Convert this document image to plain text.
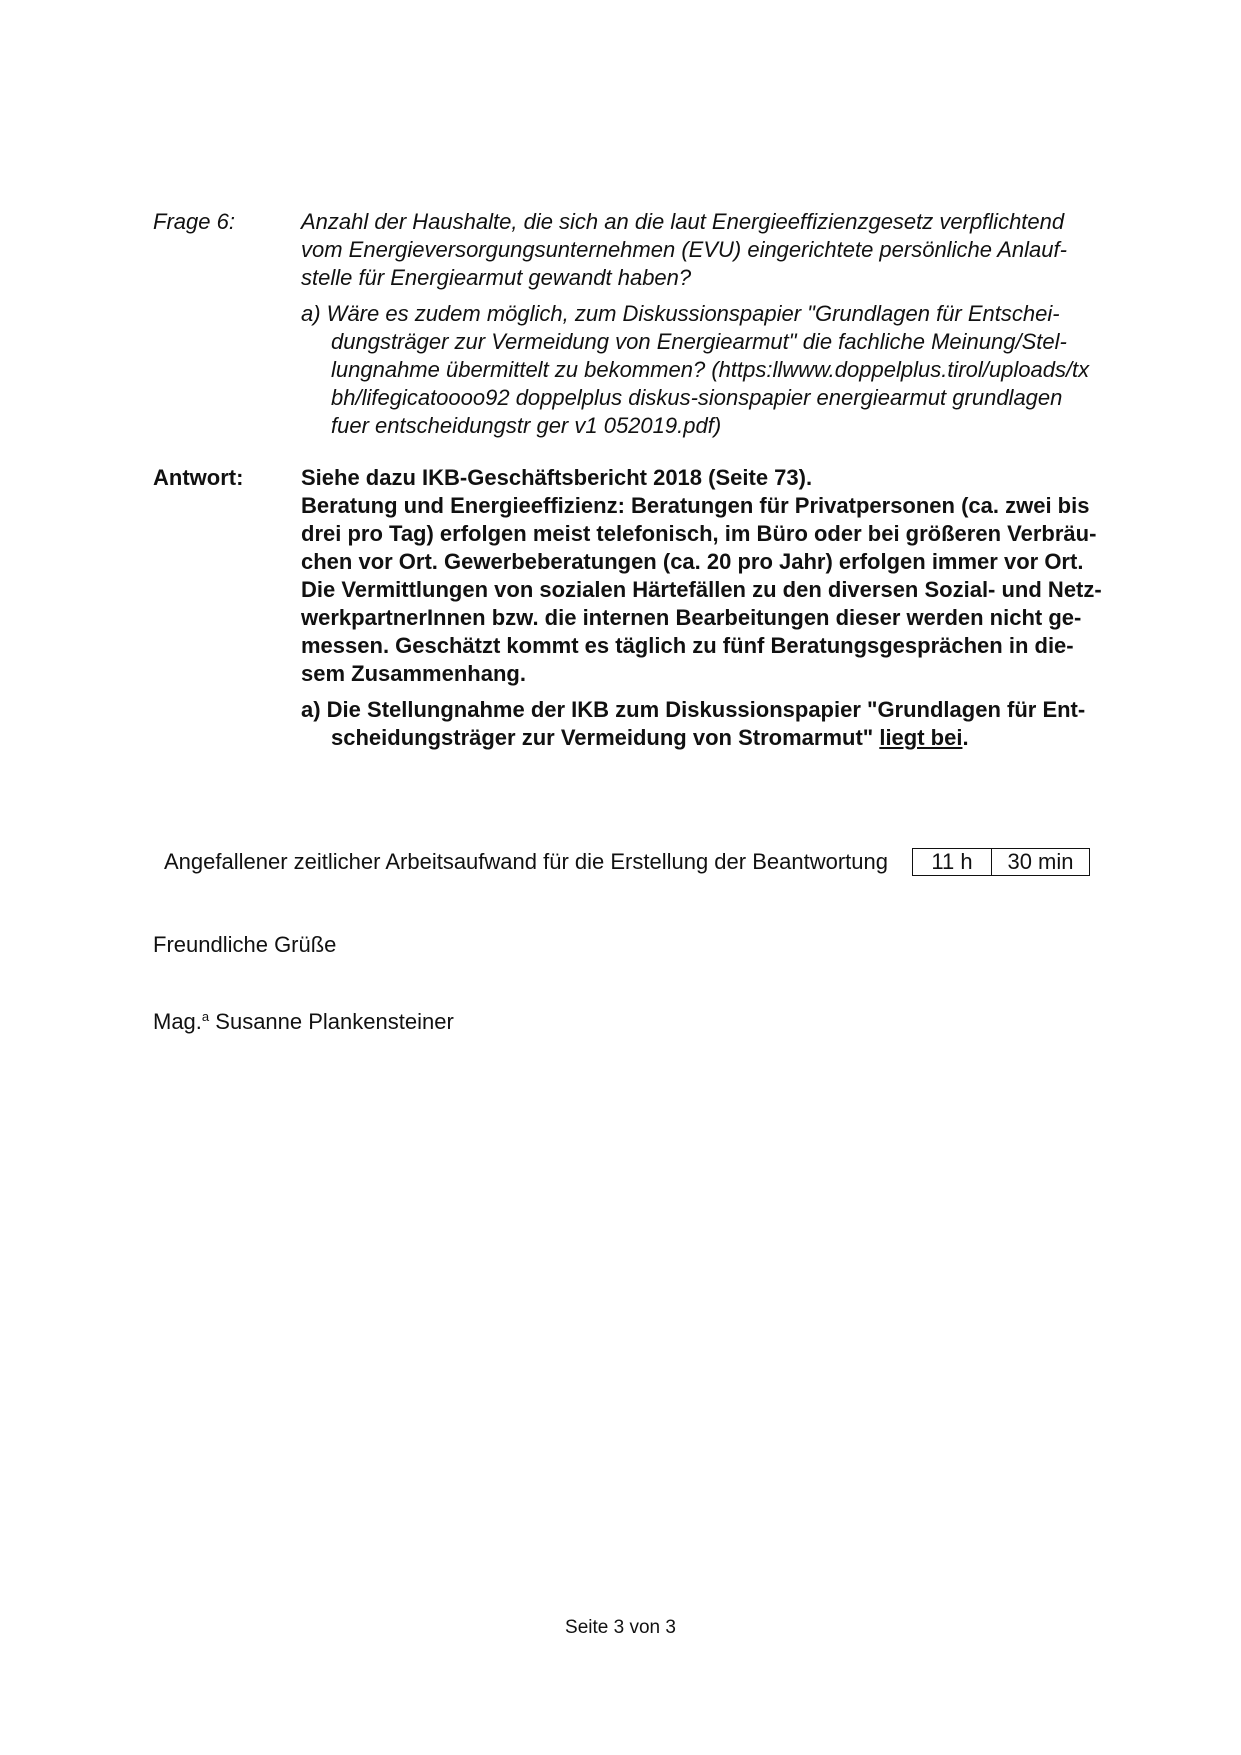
Frage 6:	Anzahl der Haushalte, die sich an die laut Energieeffizienzgesetz verpflichtend
vom Energieversorgungsunternehmen (EVU) eingerichtete persönliche Anlauf-
stelle für Energiearmut gewandt haben?
a) Wäre es zudem möglich, zum Diskussionspapier "Grundlagen für Entschei-
dungsträger zur Vermeidung von Energiearmut" die fachliche Meinung/Stel-
lungnahme übermittelt zu bekommen? (https:llwww.doppelplus.tirol/uploads/tx
bh/lifegicatoooo92 doppelplus diskus-sionspapier energiearmut grundlagen
fuer entscheidungstr ger v1 052019.pdf)
Antwort:	Siehe dazu IKB-Geschäftsbericht 2018 (Seite 73).
Beratung und Energieeffizienz: Beratungen für Privatpersonen (ca. zwei bis
drei pro Tag) erfolgen meist telefonisch, im Büro oder bei größeren Verbräu-
chen vor Ort. Gewerbeberatungen (ca. 20 pro Jahr) erfolgen immer vor Ort.
Die Vermittlungen von sozialen Härtefällen zu den diversen Sozial- und Netz-
werkpartnerInnen bzw. die internen Bearbeitungen dieser werden nicht ge-
messen. Geschätzt kommt es täglich zu fünf Beratungsgesprächen in die-
sem Zusammenhang.
a) Die Stellungnahme der IKB zum Diskussionspapier "Grundlagen für Ent-
scheidungsträger zur Vermeidung von Stromarmut" liegt bei.
Angefallener zeitlicher Arbeitsaufwand für die Erstellung der Beantwortung	11 h	30 min
Freundliche Grüße
Mag.$^a$ Susanne Plankensteiner
Seite 3 von 3
